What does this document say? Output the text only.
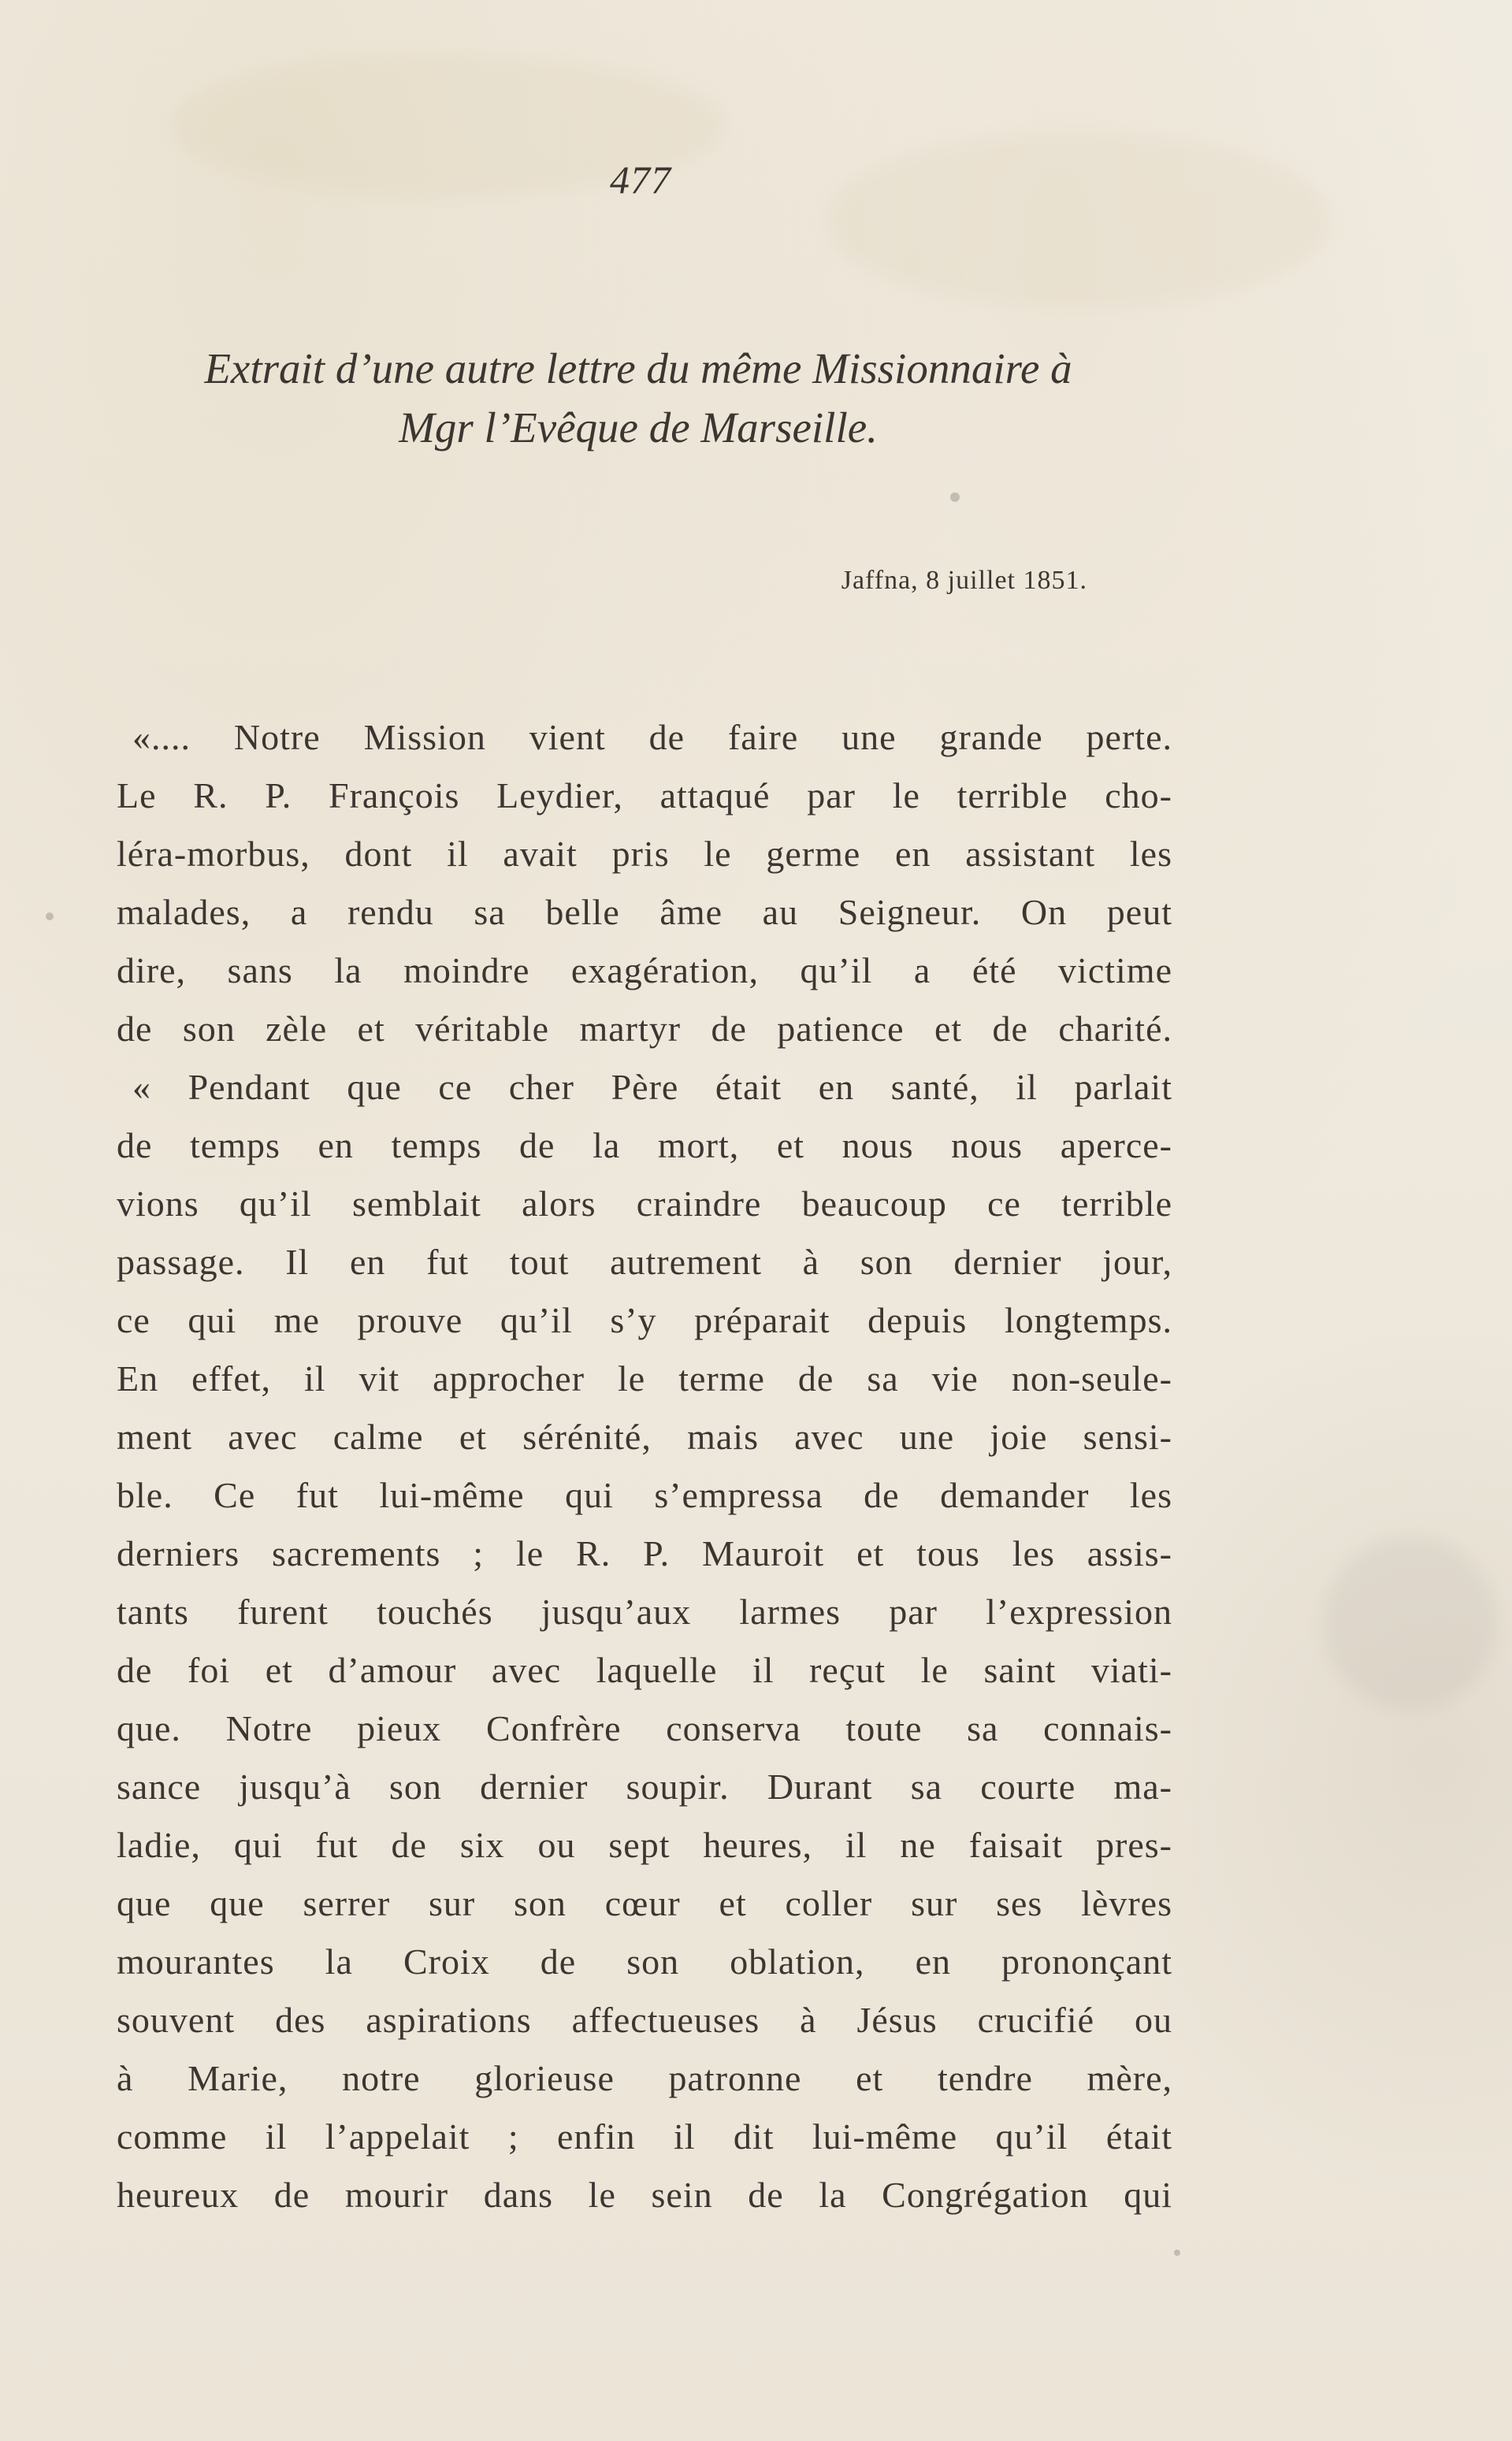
477

Extrait d’une autre lettre du même Missionnaire à
Mgr l’Evêque de Marseille.

Jaffna, 8 juillet 1851.

«.... Notre Mission vient de faire une grande perte.

Le R. P. François Leydier, attaqué par le terrible cho-

léra-morbus, dont il avait pris le germe en assistant les

malades, a rendu sa belle âme au Seigneur. On peut

dire, sans la moindre exagération, qu’il a été victime

de son zèle et véritable martyr de patience et de charité.

« Pendant que ce cher Père était en santé, il parlait

de temps en temps de la mort, et nous nous aperce-

vions qu’il semblait alors craindre beaucoup ce terrible

passage. Il en fut tout autrement à son dernier jour,

ce qui me prouve qu’il s’y préparait depuis longtemps.

En effet, il vit approcher le terme de sa vie non-seule-

ment avec calme et sérénité, mais avec une joie sensi-

ble. Ce fut lui-même qui s’empressa de demander les

derniers sacrements ; le R. P. Mauroit et tous les assis-

tants furent touchés jusqu’aux larmes par l’expression

de foi et d’amour avec laquelle il reçut le saint viati-

que. Notre pieux Confrère conserva toute sa connais-

sance jusqu’à son dernier soupir. Durant sa courte ma-

ladie, qui fut de six ou sept heures, il ne faisait pres-

que que serrer sur son cœur et coller sur ses lèvres

mourantes la Croix de son oblation, en prononçant

souvent des aspirations affectueuses à Jésus crucifié ou

à Marie, notre glorieuse patronne et tendre mère,

comme il l’appelait ; enfin il dit lui-même qu’il était

heureux de mourir dans le sein de la Congrégation qui
